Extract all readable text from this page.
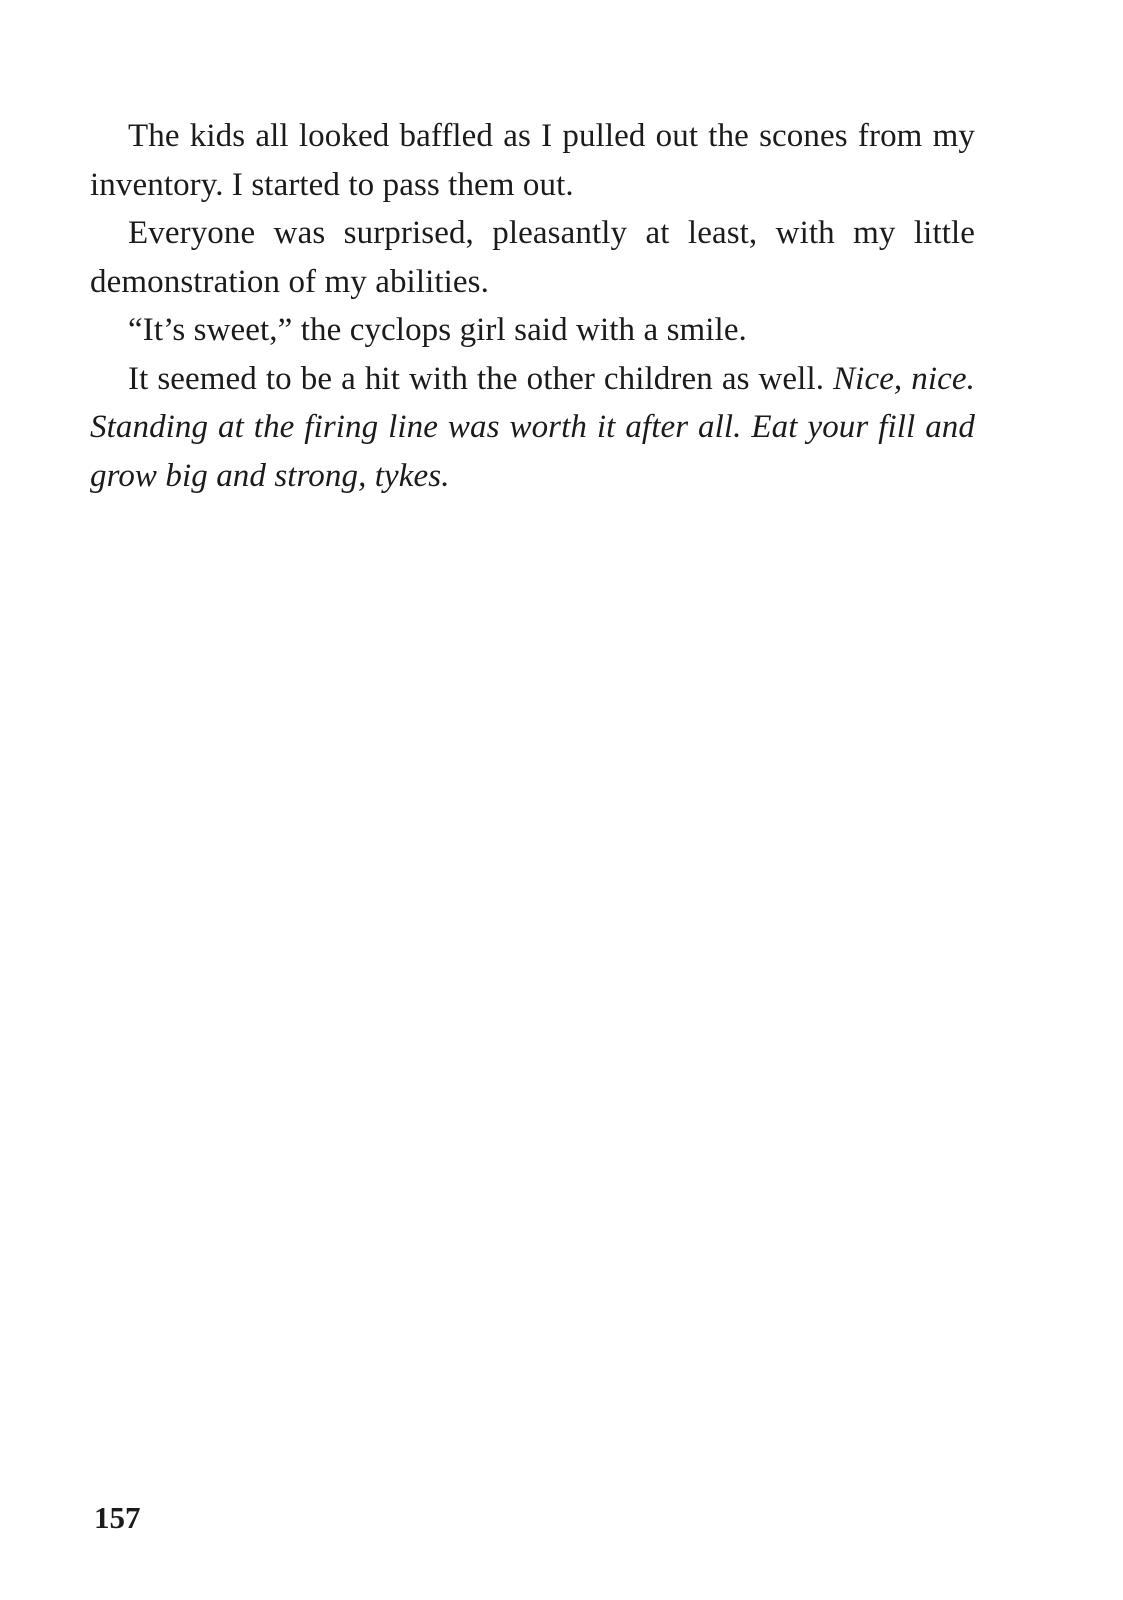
The kids all looked baffled as I pulled out the scones from my inventory. I started to pass them out.

Everyone was surprised, pleasantly at least, with my little demonstration of my abilities.

“It’s sweet,” the cyclops girl said with a smile.

It seemed to be a hit with the other children as well. Nice, nice. Standing at the firing line was worth it after all. Eat your fill and grow big and strong, tykes.

157
